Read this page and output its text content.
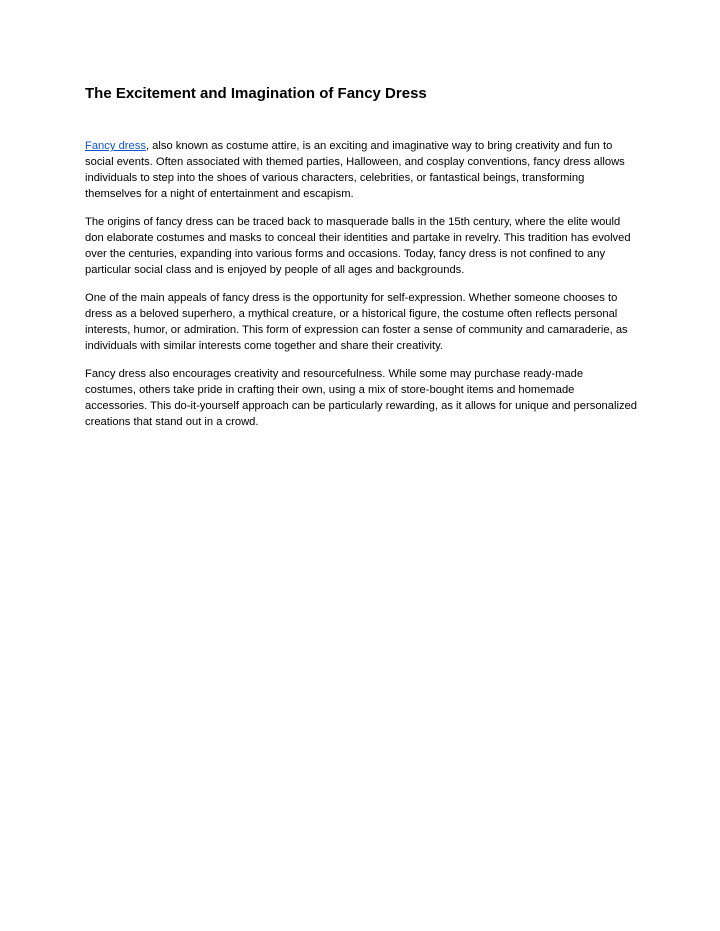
The Excitement and Imagination of Fancy Dress

Fancy dress, also known as costume attire, is an exciting and imaginative way to bring creativity and fun to social events. Often associated with themed parties, Halloween, and cosplay conventions, fancy dress allows individuals to step into the shoes of various characters, celebrities, or fantastical beings, transforming themselves for a night of entertainment and escapism.

The origins of fancy dress can be traced back to masquerade balls in the 15th century, where the elite would don elaborate costumes and masks to conceal their identities and partake in revelry. This tradition has evolved over the centuries, expanding into various forms and occasions. Today, fancy dress is not confined to any particular social class and is enjoyed by people of all ages and backgrounds.

One of the main appeals of fancy dress is the opportunity for self-expression. Whether someone chooses to dress as a beloved superhero, a mythical creature, or a historical figure, the costume often reflects personal interests, humor, or admiration. This form of expression can foster a sense of community and camaraderie, as individuals with similar interests come together and share their creativity.

Fancy dress also encourages creativity and resourcefulness. While some may purchase ready-made costumes, others take pride in crafting their own, using a mix of store-bought items and homemade accessories. This do-it-yourself approach can be particularly rewarding, as it allows for unique and personalized creations that stand out in a crowd.
